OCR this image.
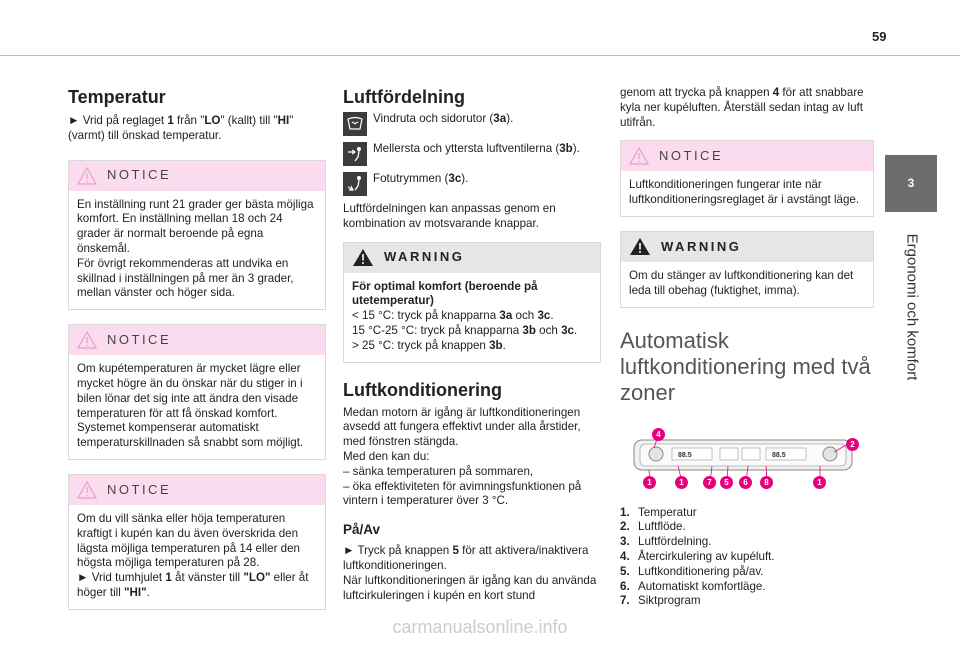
59
3
Ergonomi och komfort
Temperatur

► Vrid på reglaget 1 från "LO" (kallt) till "HI" (varmt) till önskad temperatur.

NOTICE

En inställning runt 21 grader ger bästa möjliga komfort. En inställning mellan 18 och 24 grader är normalt beroende på egna önskemål.

För övrigt rekommenderas att undvika en skillnad i inställningen på mer än 3 grader, mellan vänster och höger sida.

NOTICE

Om kupétemperaturen är mycket lägre eller mycket högre än du önskar när du stiger in i bilen lönar det sig inte att ändra den visade temperaturen för att få önskad komfort.

Systemet kompenserar automatiskt temperaturskillnaden så snabbt som möjligt.

NOTICE

Om du vill sänka eller höja temperaturen kraftigt i kupén kan du även överskrida den lägsta möjliga temperaturen på 14 eller den högsta möjliga temperaturen på 28.

► Vrid tumhjulet 1 åt vänster till "LO" eller åt höger till "HI".

Luftfördelning

Vindruta och sidorutor (3a).

Mellersta och yttersta luftventilerna (3b).

Fotutrymmen (3c).

Luftfördelningen kan anpassas genom en kombination av motsvarande knappar.

WARNING

För optimal komfort (beroende på utetemperatur)

< 15 °C: tryck på knapparna 3a och 3c.

15 °C-25 °C: tryck på knapparna 3b och 3c.

> 25 °C: tryck på knappen 3b.

Luftkonditionering

Medan motorn är igång är luftkonditioneringen avsedd att fungera effektivt under alla årstider, med fönstren stängda.

Med den kan du:

– sänka temperaturen på sommaren,

– öka effektiviteten för avimningsfunktionen på vintern i temperaturer över 3 °C.

På/Av

► Tryck på knappen 5 för att aktivera/inaktivera luftkonditioneringen.

När luftkonditioneringen är igång kan du använda luftcirkuleringen i kupén en kort stund

genom att trycka på knappen 4 för att snabbare kyla ner kupéluften. Återställ sedan intag av luft utifrån.

NOTICE

Luftkonditioneringen fungerar inte när luftkonditioneringsreglaget är i avstängt läge.

WARNING

Om du stänger av luftkonditionering kan det leda till obehag (fuktighet, imma).

Automatisk luftkonditionering med två zoner
88.5	88.5
4
2
1	1	7	5	6	8	1
1. Temperatur
2. Luftflöde.
3. Luftfördelning.
4. Återcirkulering av kupéluft.
5. Luftkonditionering på/av.
6. Automatiskt komfortläge.
7. Siktprogram
carmanualsonline.info
